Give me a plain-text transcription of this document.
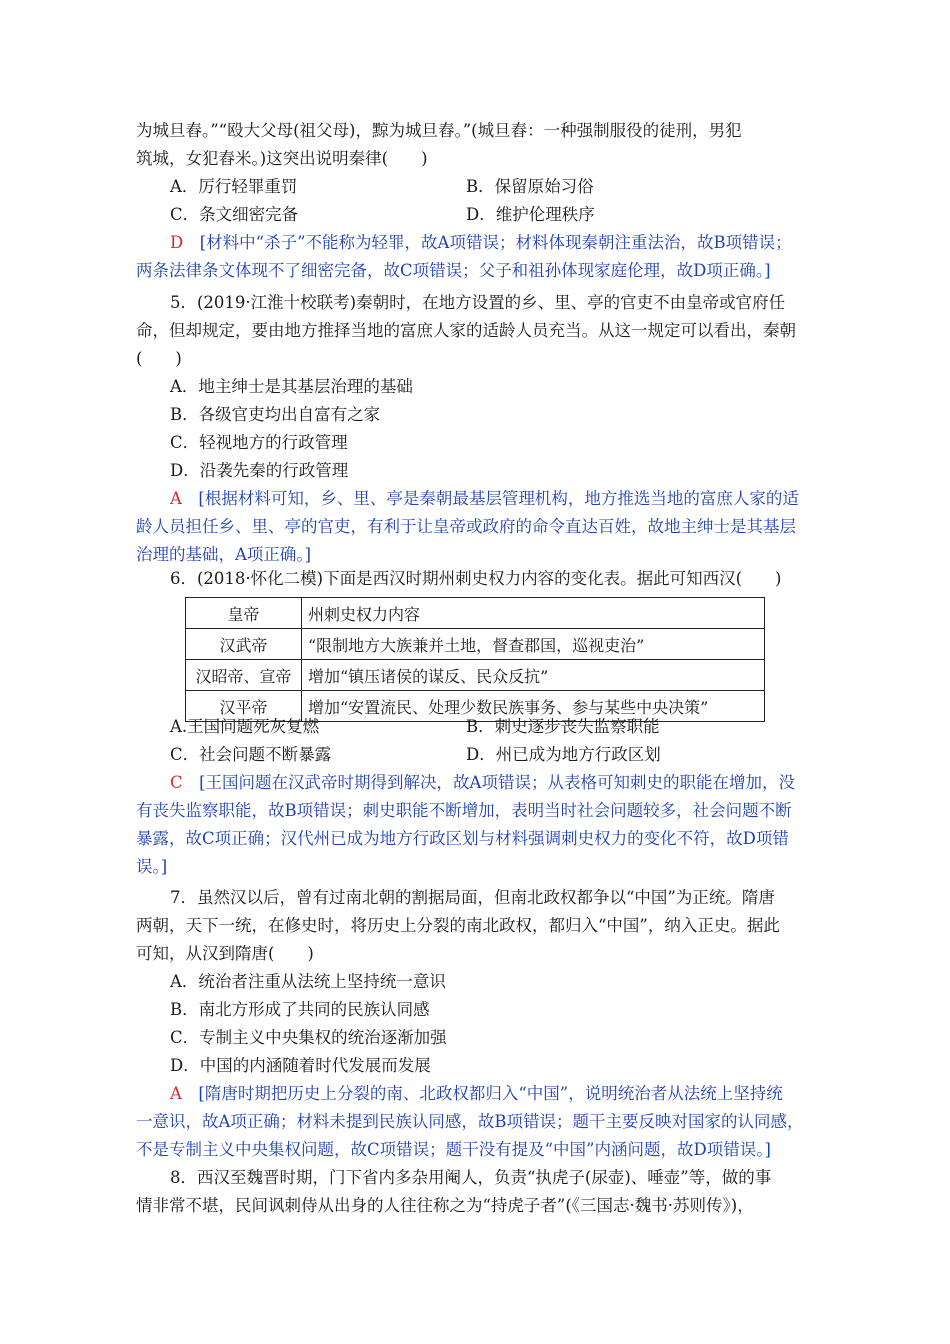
为城旦舂。”“殴大父母(祖父母)，黥为城旦舂。”(城旦舂：一种强制服役的徒刑，男犯
筑城，女犯舂米。)这突出说明秦律(　　)
A．厉行轻罪重罚	B．保留原始习俗
C．条文细密完备	D．维护伦理秩序
D　[材料中“杀子”不能称为轻罪，故A项错误；材料体现秦朝注重法治，故B项错误；
两条法律条文体现不了细密完备，故C项错误；父子和祖孙体现家庭伦理，故D项正确。]
5．(2019·江淮十校联考)秦朝时，在地方设置的乡、里、亭的官吏不由皇帝或官府任
命，但却规定，要由地方推择当地的富庶人家的适龄人员充当。从这一规定可以看出，秦朝
(　　)
A．地主绅士是其基层治理的基础
B．各级官吏均出自富有之家
C．轻视地方的行政管理
D．沿袭先秦的行政管理
A　[根据材料可知，乡、里、亭是秦朝最基层管理机构，地方推选当地的富庶人家的适
龄人员担任乡、里、亭的官吏，有利于让皇帝或政府的命令直达百姓，故地主绅士是其基层
治理的基础，A项正确。]
6．(2018·怀化二模)下面是西汉时期州刺史权力内容的变化表。据此可知西汉(　　)
皇帝	州刺史权力内容
汉武帝	“限制地方大族兼并土地，督查郡国，巡视吏治”
汉昭帝、宣帝	增加“镇压诸侯的谋反、民众反抗”
汉平帝	增加“安置流民、处理少数民族事务、参与某些中央决策”
A.王国问题死灰复燃	B．刺史逐步丧失监察职能
C．社会问题不断暴露	D．州已成为地方行政区划
C　[王国问题在汉武帝时期得到解决，故A项错误；从表格可知刺史的职能在增加，没
有丧失监察职能，故B项错误；刺史职能不断增加，表明当时社会问题较多，社会问题不断
暴露，故C项正确；汉代州已成为地方行政区划与材料强调刺史权力的变化不符，故D项错
误。]
7．虽然汉以后，曾有过南北朝的割据局面，但南北政权都争以“中国”为正统。隋唐
两朝，天下一统，在修史时，将历史上分裂的南北政权，都归入“中国”，纳入正史。据此
可知，从汉到隋唐(　　)
A．统治者注重从法统上坚持统一意识
B．南北方形成了共同的民族认同感
C．专制主义中央集权的统治逐渐加强
D．中国的内涵随着时代发展而发展
A　[隋唐时期把历史上分裂的南、北政权都归入“中国”，说明统治者从法统上坚持统
一意识，故A项正确；材料未提到民族认同感，故B项错误；题干主要反映对国家的认同感，
不是专制主义中央集权问题，故C项错误；题干没有提及“中国”内涵问题，故D项错误。]
8．西汉至魏晋时期，门下省内多杂用阉人，负责“执虎子(尿壶)、唾壶”等，做的事
情非常不堪，民间讽刺侍从出身的人往往称之为“持虎子者”(《三国志·魏书·苏则传》)，
